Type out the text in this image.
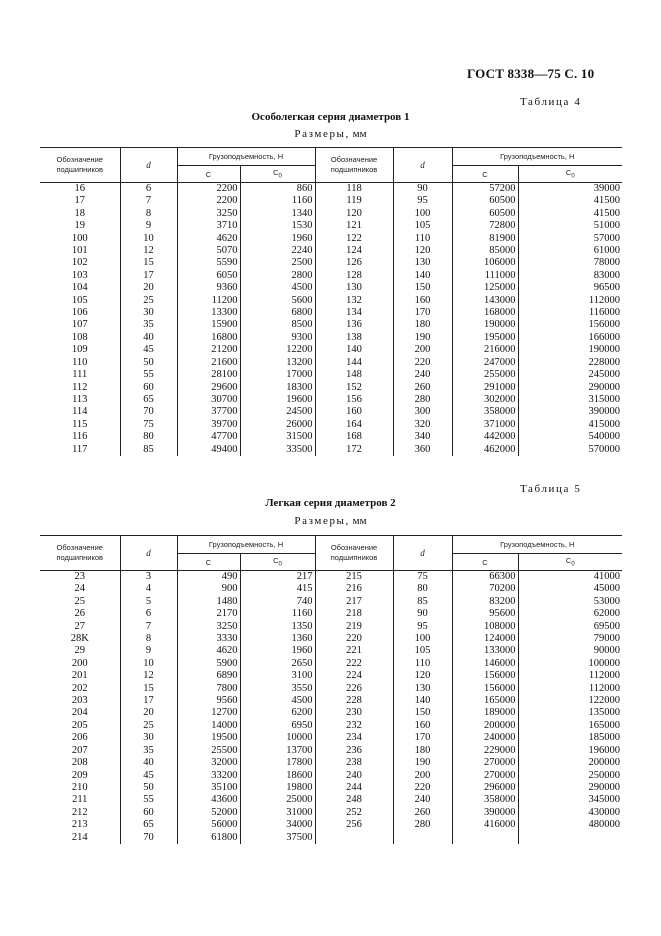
ГОСТ 8338—75 С. 10
Таблица 4
Особолегкая серия диаметров 1
Размеры, мм
Обозначение подшипников	d	Грузоподъемность, Н		Обозначение подшипников	d	Грузоподъемность, Н	
		С	$С_0$			С	$С_0$
16	6	2200	860	118	90	57200	39000
17	7	2200	1160	119	95	60500	41500
18	8	3250	1340	120	100	60500	41500
19	9	3710	1530	121	105	72800	51000
100	10	4620	1960	122	110	81900	57000
101	12	5070	2240	124	120	85000	61000
102	15	5590	2500	126	130	106000	78000
103	17	6050	2800	128	140	111000	83000
104	20	9360	4500	130	150	125000	96500
105	25	11200	5600	132	160	143000	112000
106	30	13300	6800	134	170	168000	116000
107	35	15900	8500	136	180	190000	156000
108	40	16800	9300	138	190	195000	166000
109	45	21200	12200	140	200	216000	190000
110	50	21600	13200	144	220	247000	228000
111	55	28100	17000	148	240	255000	245000
112	60	29600	18300	152	260	291000	290000
113	65	30700	19600	156	280	302000	315000
114	70	37700	24500	160	300	358000	390000
115	75	39700	26000	164	320	371000	415000
116	80	47700	31500	168	340	442000	540000
117	85	49400	33500	172	360	462000	570000
Таблица 5
Легкая серия диаметров 2
Размеры, мм
Обозначение подшипников	d	Грузоподъемность, Н		Обозначение подшипников	d	Грузоподъемность, Н	
		С	$С_0$			С	$С_0$
23	3	490	217	215	75	66300	41000
24	4	900	415	216	80	70200	45000
25	5	1480	740	217	85	83200	53000
26	6	2170	1160	218	90	95600	62000
27	7	3250	1350	219	95	108000	69500
28K	8	3330	1360	220	100	124000	79000
29	9	4620	1960	221	105	133000	90000
200	10	5900	2650	222	110	146000	100000
201	12	6890	3100	224	120	156000	112000
202	15	7800	3550	226	130	156000	112000
203	17	9560	4500	228	140	165000	122000
204	20	12700	6200	230	150	189000	135000
205	25	14000	6950	232	160	200000	165000
206	30	19500	10000	234	170	240000	185000
207	35	25500	13700	236	180	229000	196000
208	40	32000	17800	238	190	270000	200000
209	45	33200	18600	240	200	270000	250000
210	50	35100	19800	244	220	296000	290000
211	55	43600	25000	248	240	358000	345000
212	60	52000	31000	252	260	390000	430000
213	65	56000	34000	256	280	416000	480000
214	70	61800	37500				
